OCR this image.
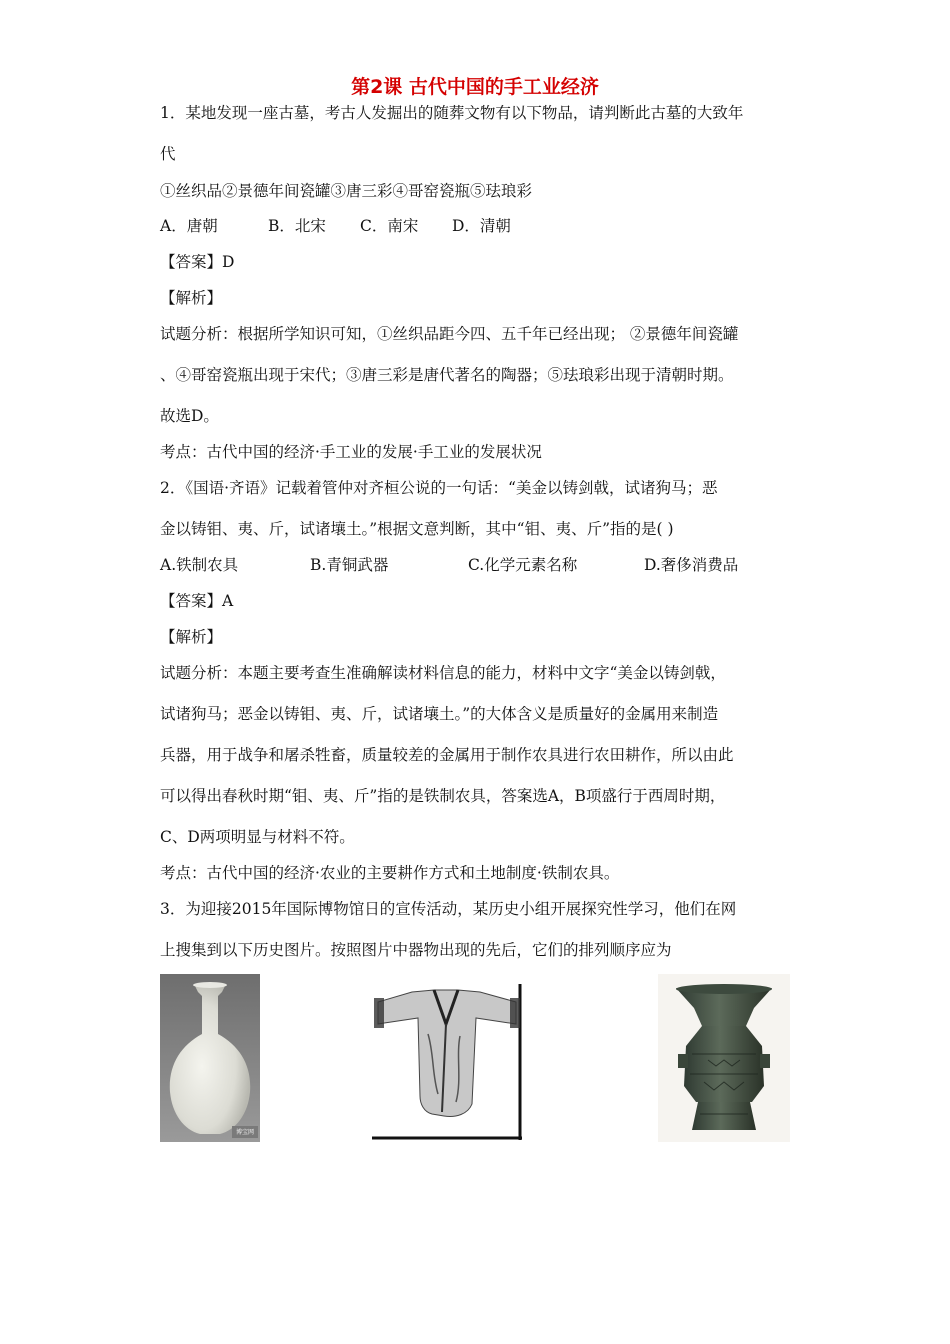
第2课 古代中国的手工业经济
1．某地发现一座古墓，考古人发掘出的随葬文物有以下物品，请判断此古墓的大致年
代
①丝织品②景德年间瓷罐③唐三彩④哥窑瓷瓶⑤珐琅彩
A．唐朝	B．北宋	C．南宋	D．清朝
【答案】D
【解析】
试题分析：根据所学知识可知，①丝织品距今四、五千年已经出现； ②景德年间瓷罐
、④哥窑瓷瓶出现于宋代；③唐三彩是唐代著名的陶器；⑤珐琅彩出现于清朝时期。
故选D。
考点：古代中国的经济·手工业的发展·手工业的发展状况
2．《国语·齐语》记载着管仲对齐桓公说的一句话：“美金以铸剑戟，试诸狗马；恶
金以铸钼、夷、斤，试诸壤土。”根据文意判断，其中“钼、夷、斤”指的是( )
A.铁制农具	B.青铜武器	C.化学元素名称	D.奢侈消费品
【答案】A
【解析】
试题分析：本题主要考查生准确解读材料信息的能力，材料中文字“美金以铸剑戟，
试诸狗马；恶金以铸钼、夷、斤，试诸壤土。”的大体含义是质量好的金属用来制造
兵器，用于战争和屠杀牲畜，质量较差的金属用于制作农具进行农田耕作，所以由此
可以得出春秋时期“钼、夷、斤”指的是铁制农具，答案选A，B项盛行于西周时期，
C、D两项明显与材料不符。
考点：古代中国的经济·农业的主要耕作方式和土地制度·铁制农具。
3．为迎接2015年国际博物馆日的宣传活动，某历史小组开展探究性学习，他们在网
上搜集到以下历史图片。按照图片中器物出现的先后，它们的排列顺序应为
博宝网
